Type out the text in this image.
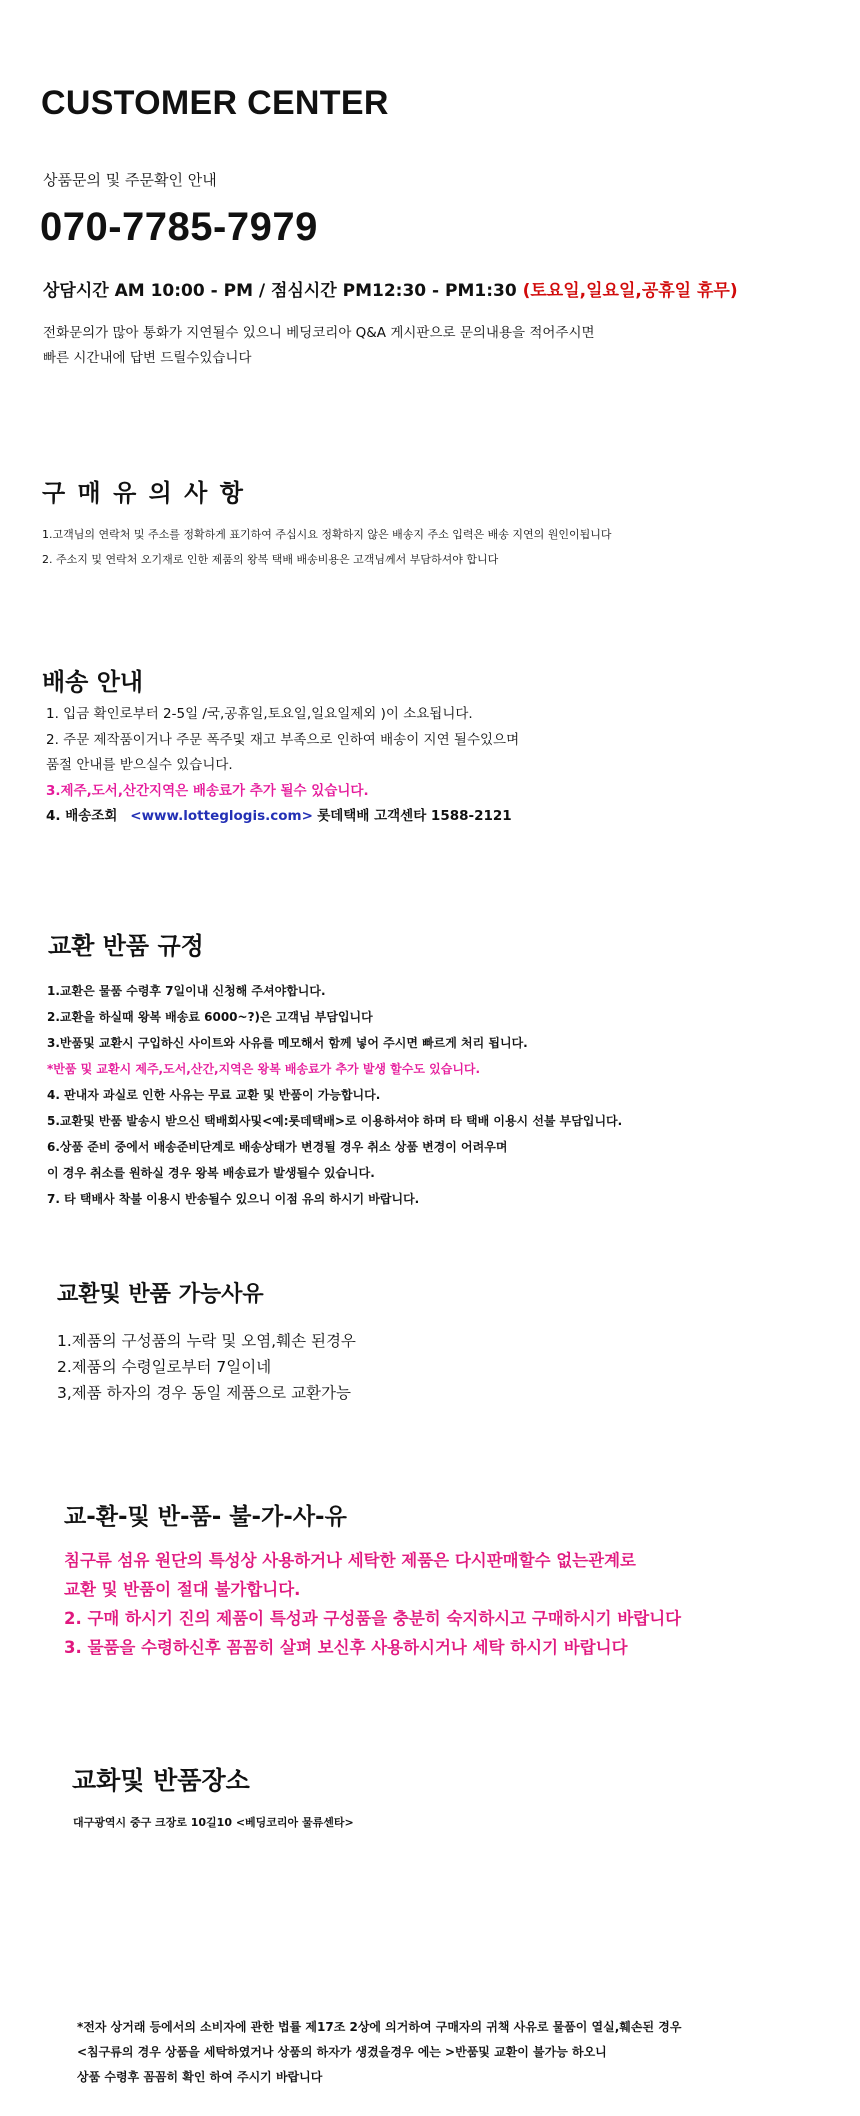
CUSTOMER CENTER
상품문의 및 주문확인 안내
070-7785-7979
상담시간 AM 10:00 - PM / 점심시간 PM12:30 - PM1:30 (토요일,일요일,공휴일 휴무)
전화문의가 많아 통화가 지연될수 있으니 베딩코리아 Q&A 게시판으로 문의내용을 적어주시면
빠른 시간내에 답변 드릴수있습니다
구 매 유 의 사 항
1.고객님의 연락처 및 주소를 정확하게 표기하여 주십시요 정확하지 않은 배송지 주소 입력은 배송 지연의 원인이됩니다
2. 주소지 및 연락처 오기재로 인한 제품의 왕복 택배 배송비용은 고객님께서 부담하셔야 합니다
배송 안내
1. 입금 확인로부터 2-5일 /국,공휴일,토요일,일요일제외 )이 소요됩니다.
2. 주문 제작품이거나 주문 폭주및 재고 부족으로 인하여 배송이 지연 될수있으며
품절 안내를 받으실수 있습니다.
3.제주,도서,산간지역은 배송료가 추가 될수 있습니다.
4. 배송조회 <www.lotteglogis.com> 롯데택배 고객센타 1588-2121
교환 반품 규정
1.교환은 물품 수령후 7일이내 신청해 주셔야합니다.
2.교환을 하실때 왕복 배송료 6000~?)은 고객님 부담입니다
3.반품및 교환시 구입하신 사이트와 사유를 메모해서 함께 넣어 주시면 빠르게 처리 됩니다.
*반품 및 교환시 제주,도서,산간,지역은 왕복 배송료가 추가 발생 할수도 있습니다.
4. 판내자 과실로 인한 사유는 무료 교환 및 반품이 가능합니다.
5.교환및 반품 발송시 받으신 택배회사및<예:롯데택배>로 이용하셔야 하며 타 택배 이용시 선불 부담입니다.
6.상품 준비 중에서 배송준비단계로 배송상태가 변경될 경우 취소 상품 변경이 어려우며
이 경우 취소를 원하실 경우 왕복 배송료가 발생될수 있습니다.
7. 타 택배사 착불 이용시 반송될수 있으니 이점 유의 하시기 바랍니다.
교환및 반품 가능사유
1.제품의 구성품의 누락 및 오염,훼손 된경우
2.제품의 수령일로부터 7일이네
3,제품 하자의 경우 동일 제품으로 교환가능
교-환-및 반-품- 불-가-사-유
침구류 섬유 원단의 특성상 사용하거나 세탁한 제품은 다시판매할수 없는관계로
교환 및 반품이 절대 불가합니다.
2. 구매 하시기 진의 제품이 특성과 구성품을 충분히 숙지하시고 구매하시기 바랍니다
3. 물품을 수령하신후 꼼꼼히 살펴 보신후 사용하시거나 세탁 하시기 바랍니다
교화및 반품장소
대구광역시 중구 크장로 10길10 <베딩코리아 물류센타>
*전자 상거래 등에서의 소비자에 관한 법률 제17조 2상에 의거하여 구매자의 귀책 사유로 물품이 열실,훼손된 경우
<침구류의 경우 상품을 세탁하였거나 상품의 하자가 생겼을경우 에는 >반품및 교환이 불가능 하오니
상품 수령후 꼼꼼히 확인 하여 주시기 바랍니다
